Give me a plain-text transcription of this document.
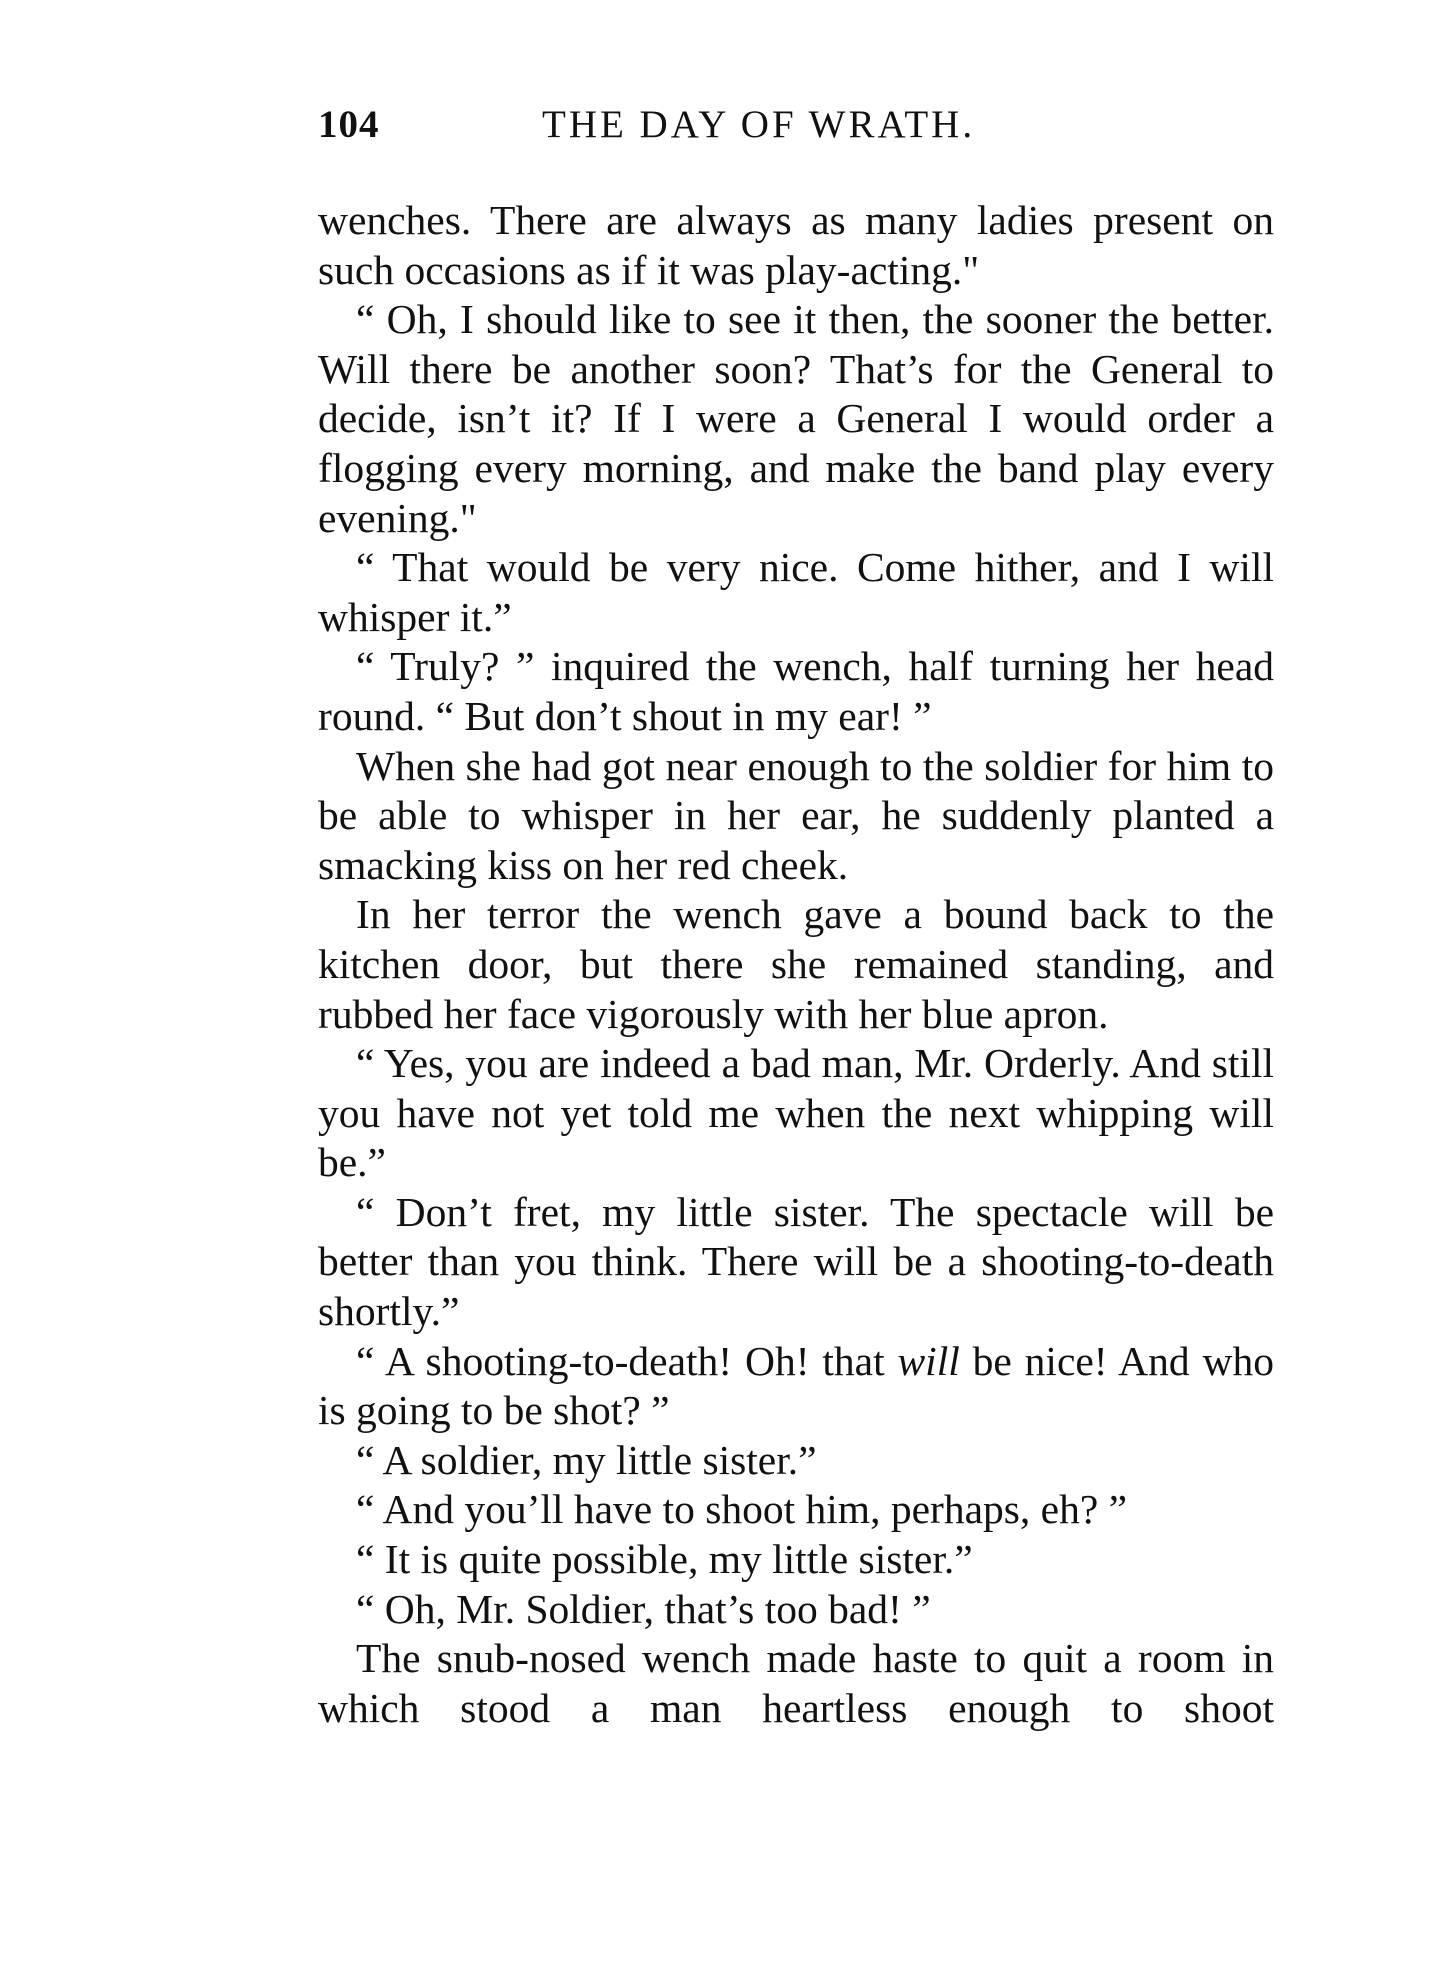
104	THE DAY OF WRATH.

wenches. There are always as many ladies present on such occasions as if it was play-acting."

“ Oh, I should like to see it then, the sooner the better. Will there be another soon? That’s for the General to decide, isn’t it? If I were a General I would order a flogging every morning, and make the band play every evening."

“ That would be very nice. Come hither, and I will whisper it.”

“ Truly? ” inquired the wench, half turning her head round. “ But don’t shout in my ear! ”

When she had got near enough to the soldier for him to be able to whisper in her ear, he suddenly planted a smacking kiss on her red cheek.

In her terror the wench gave a bound back to the kitchen door, but there she remained standing, and rubbed her face vigorously with her blue apron.

“ Yes, you are indeed a bad man, Mr. Orderly. And still you have not yet told me when the next whipping will be.”

“ Don’t fret, my little sister. The spectacle will be better than you think. There will be a shooting-to-death shortly.”

“ A shooting-to-death! Oh! that will be nice! And who is going to be shot? ”

“ A soldier, my little sister.”

“ And you’ll have to shoot him, perhaps, eh? ”

“ It is quite possible, my little sister.”

“ Oh, Mr. Soldier, that’s too bad! ”

The snub-nosed wench made haste to quit a room in which stood a man heartless enough to shoot
